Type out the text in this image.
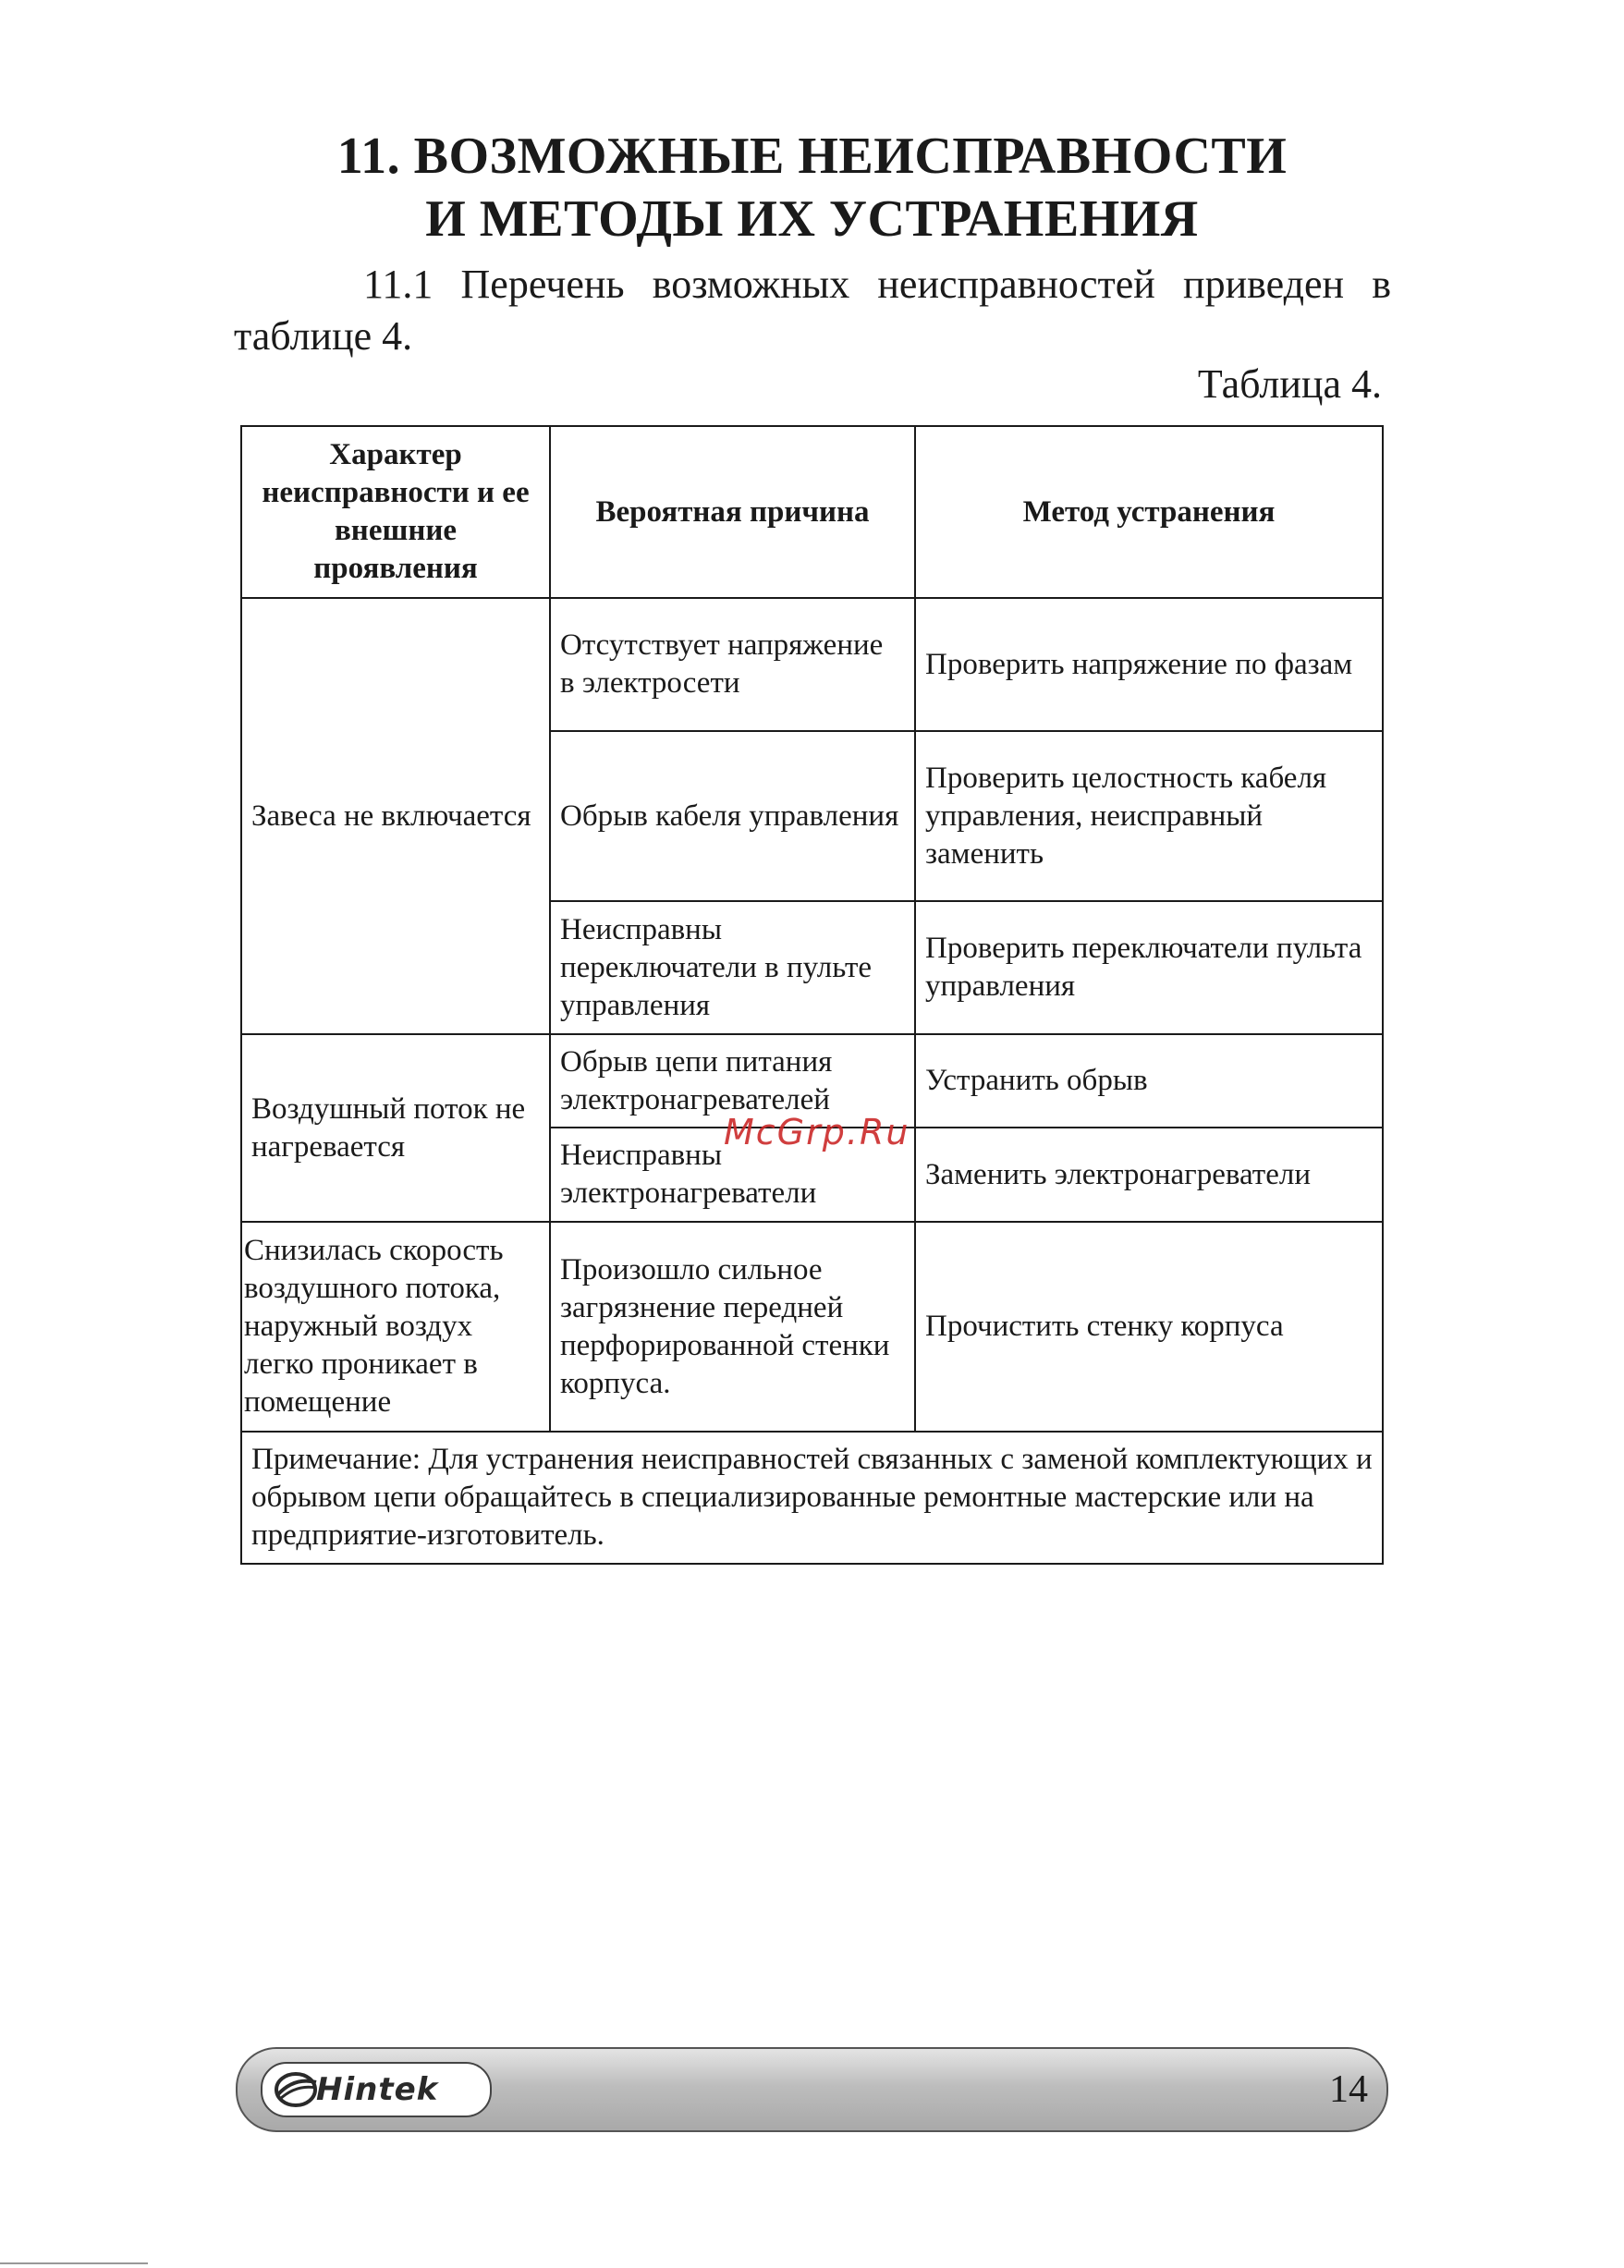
11. ВОЗМОЖНЫЕ НЕИСПРАВНОСТИ
И МЕТОДЫ ИХ УСТРАНЕНИЯ
11.1 Перечень возможных неисправностей приведен в таблице 4.
Таблица 4.
Характер неисправности и ее внешние проявления	Вероятная причина	Метод устранения
Завеса не включается	Отсутствует напряжение в электросети	Проверить напряжение по фазам
	Обрыв кабеля управления	Проверить целостность кабеля управления, неисправный заменить
	Неисправны переключатели в пульте управления	Проверить переключатели пульта управления
Воздушный поток не нагревается	Обрыв цепи питания электронагревателей	Устранить обрыв
	Неисправны электронагреватели	Заменить электронагреватели
Снизилась скорость воздушного потока, наружный воздух легко проникает в помещение	Произошло сильное загрязнение передней перфорированной стенки корпуса.	Прочистить стенку корпуса
Примечание: Для устранения неисправностей связанных с заменой комплектующих и обрывом цепи обращайтесь в специализированные ремонтные мастерские или на предприятие-изготовитель.		
McGrp.Ru
Hintek	14
